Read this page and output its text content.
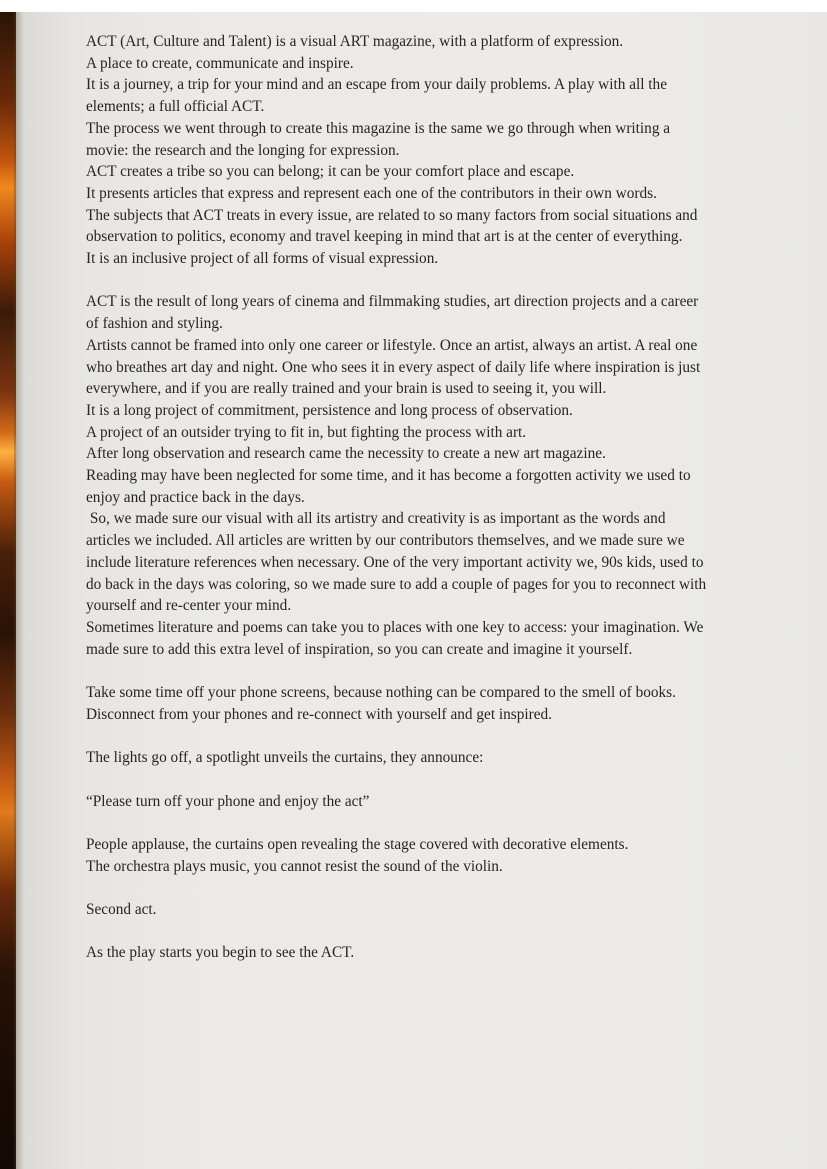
ACT (Art, Culture and Talent) is a visual ART magazine, with a platform of expression.

A place to create, communicate and inspire.

It is a journey, a trip for your mind and an escape from your daily problems. A play with all the

elements; a full official ACT.

The process we went through to create this magazine is the same we go through when writing a

movie: the research and the longing for expression.

ACT creates a tribe so you can belong; it can be your comfort place and escape.

It presents articles that express and represent each one of the contributors in their own words.

The subjects that ACT treats in every issue, are related to so many factors from social situations and

observation to politics, economy and travel keeping in mind that art is at the center of everything.

It is an inclusive project of all forms of visual expression.

ACT is the result of long years of cinema and filmmaking studies, art direction projects and a career

of fashion and styling.

Artists cannot be framed into only one career or lifestyle. Once an artist, always an artist. A real one

who breathes art day and night. One who sees it in every aspect of daily life where inspiration is just

everywhere, and if you are really trained and your brain is used to seeing it, you will.

It is a long project of commitment, persistence and long process of observation.

A project of an outsider trying to fit in, but fighting the process with art.

After long observation and research came the necessity to create a new art magazine.

Reading may have been neglected for some time, and it has become a forgotten activity we used to

enjoy and practice back in the days.

So, we made sure our visual with all its artistry and creativity is as important as the words and

articles we included. All articles are written by our contributors themselves, and we made sure we

include literature references when necessary. One of the very important activity we, 90s kids, used to

do back in the days was coloring, so we made sure to add a couple of pages for you to reconnect with

yourself and re-center your mind.

Sometimes literature and poems can take you to places with one key to access: your imagination. We

made sure to add this extra level of inspiration, so you can create and imagine it yourself.

Take some time off your phone screens, because nothing can be compared to the smell of books.

Disconnect from your phones and re-connect with yourself and get inspired.

The lights go off, a spotlight unveils the curtains, they announce:

“Please turn off your phone and enjoy the act”

People applause, the curtains open revealing the stage covered with decorative elements.

The orchestra plays music, you cannot resist the sound of the violin.

Second act.

As the play starts you begin to see the ACT.
